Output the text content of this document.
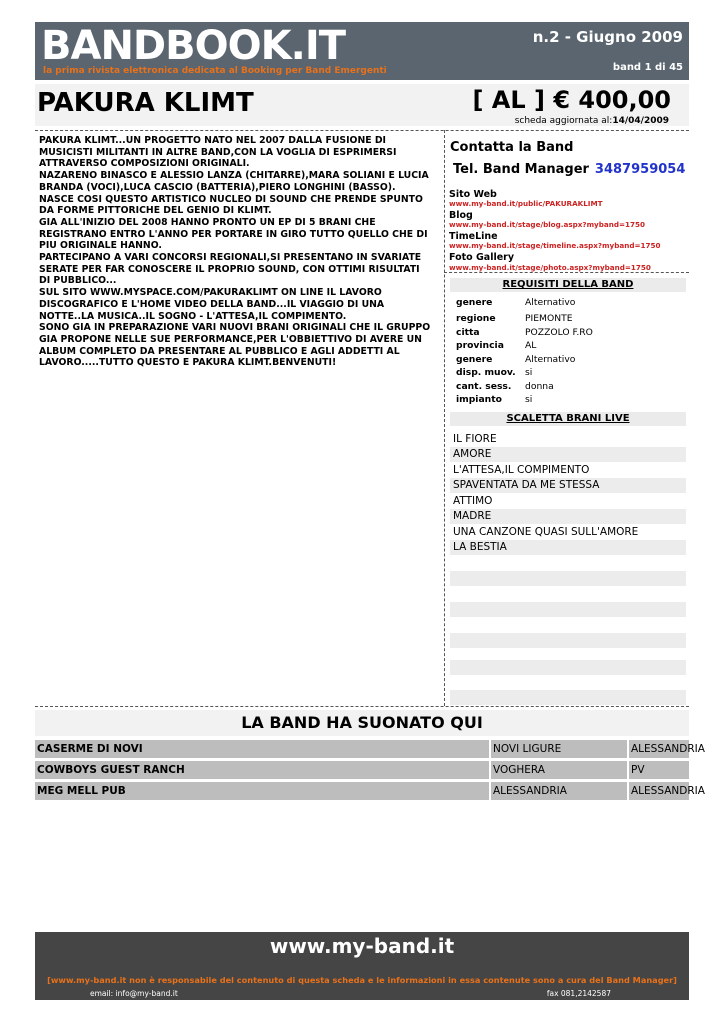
BANDBOOK.IT
la prima rivista elettronica dedicata al Booking per Band Emergenti
n.2 - Giugno 2009
band 1 di 45
PAKURA KLIMT	[ AL ] € 400,00
scheda aggiornata al:14/04/2009
PAKURA KLIMT...UN PROGETTO NATO NEL 2007 DALLA FUSIONE DI MUSICISTI MILITANTI IN ALTRE BAND,CON LA VOGLIA DI ESPRIMERSI ATTRAVERSO COMPOSIZIONI ORIGINALI.
NAZARENO BINASCO E ALESSIO LANZA (CHITARRE),MARA SOLIANI E LUCIA BRANDA (VOCI),LUCA CASCIO (BATTERIA),PIERO LONGHINI (BASSO).
NASCE COSI QUESTO ARTISTICO NUCLEO DI SOUND CHE PRENDE SPUNTO DA FORME PITTORICHE DEL GENIO DI KLIMT.
GIA ALL'INIZIO DEL 2008 HANNO PRONTO UN EP DI 5 BRANI CHE REGISTRANO ENTRO L'ANNO PER PORTARE IN GIRO TUTTO QUELLO CHE DI PIU ORIGINALE HANNO.
PARTECIPANO A VARI CONCORSI REGIONALI,SI PRESENTANO IN SVARIATE SERATE PER FAR CONOSCERE IL PROPRIO SOUND, CON OTTIMI RISULTATI DI PUBBLICO...
SUL SITO WWW.MYSPACE.COM/PAKURAKLIMT ON LINE IL LAVORO DISCOGRAFICO E L'HOME VIDEO DELLA BAND...IL VIAGGIO DI UNA NOTTE..LA MUSICA..IL SOGNO - L'ATTESA,IL COMPIMENTO.
SONO GIA IN PREPARAZIONE VARI NUOVI BRANI ORIGINALI CHE IL GRUPPO GIA PROPONE NELLE SUE PERFORMANCE,PER L'OBBIETTIVO DI AVERE UN ALBUM COMPLETO DA PRESENTARE AL PUBBLICO E AGLI ADDETTI AL LAVORO.....TUTTO QUESTO E PAKURA KLIMT.BENVENUTI!
Contatta la Band
Tel. Band Manager 3487959054
Sito Web
www.my-band.it/public/PAKURAKLIMT
Blog
www.my-band.it/stage/blog.aspx?myband=1750
TimeLine
www.my-band.it/stage/timeline.aspx?myband=1750
Foto Gallery
www.my-band.it/stage/photo.aspx?myband=1750
REQUISITI DELLA BAND
genere	Alternativo
regione	PIEMONTE
citta	POZZOLO F.RO
provincia AL
genere	Alternativo
disp. muov. si
cant. sess. donna
impianto	si
SCALETTA BRANI LIVE
IL FIORE
AMORE
L'ATTESA,IL COMPIMENTO
SPAVENTATA DA ME STESSA
ATTIMO
MADRE
UNA CANZONE QUASI SULL'AMORE
LA BESTIA
LA BAND HA SUONATO QUI
CASERME DI NOVI	NOVI LIGURE	ALESSANDRIA
COWBOYS GUEST RANCH	VOGHERA	PV
MEG MELL PUB	ALESSANDRIA	ALESSANDRIA
www.my-band.it
[www.my-band.it non è responsabile del contenuto di questa scheda e le informazioni in essa contenute sono a cura del Band Manager]
email: info@my-band.it	fax 081,2142587
